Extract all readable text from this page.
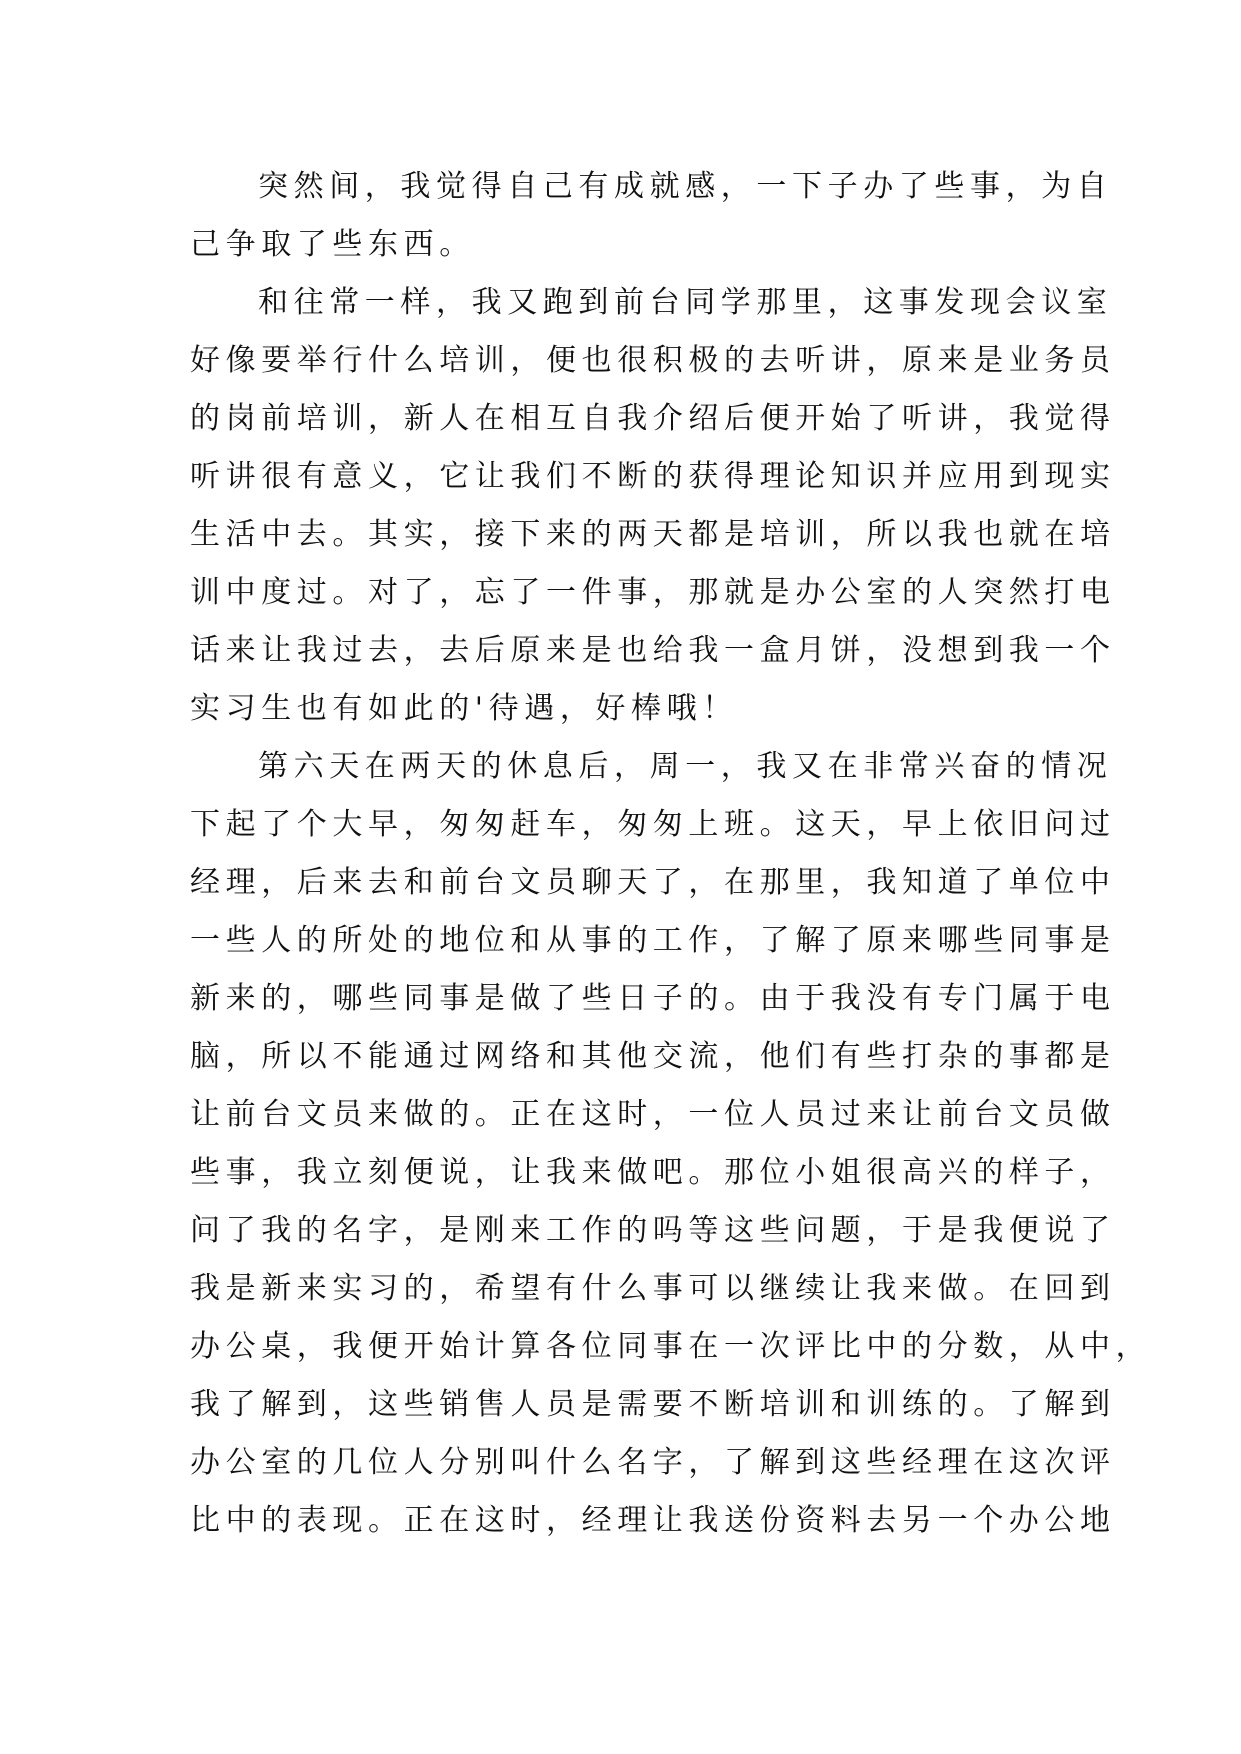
突然间，我觉得自己有成就感，一下子办了些事，为自
己争取了些东西。
和往常一样，我又跑到前台同学那里，这事发现会议室
好像要举行什么培训，便也很积极的去听讲，原来是业务员
的岗前培训，新人在相互自我介绍后便开始了听讲，我觉得
听讲很有意义，它让我们不断的获得理论知识并应用到现实
生活中去。其实，接下来的两天都是培训，所以我也就在培
训中度过。对了，忘了一件事，那就是办公室的人突然打电
话来让我过去，去后原来是也给我一盒月饼，没想到我一个
实习生也有如此的'待遇，好棒哦！
第六天在两天的休息后，周一，我又在非常兴奋的情况
下起了个大早，匆匆赶车，匆匆上班。这天，早上依旧问过
经理，后来去和前台文员聊天了，在那里，我知道了单位中
一些人的所处的地位和从事的工作，了解了原来哪些同事是
新来的，哪些同事是做了些日子的。由于我没有专门属于电
脑，所以不能通过网络和其他交流，他们有些打杂的事都是
让前台文员来做的。正在这时，一位人员过来让前台文员做
些事，我立刻便说，让我来做吧。那位小姐很高兴的样子，
问了我的名字，是刚来工作的吗等这些问题，于是我便说了
我是新来实习的，希望有什么事可以继续让我来做。在回到
办公桌，我便开始计算各位同事在一次评比中的分数，从中，
我了解到，这些销售人员是需要不断培训和训练的。了解到
办公室的几位人分别叫什么名字，了解到这些经理在这次评
比中的表现。正在这时，经理让我送份资料去另一个办公地
